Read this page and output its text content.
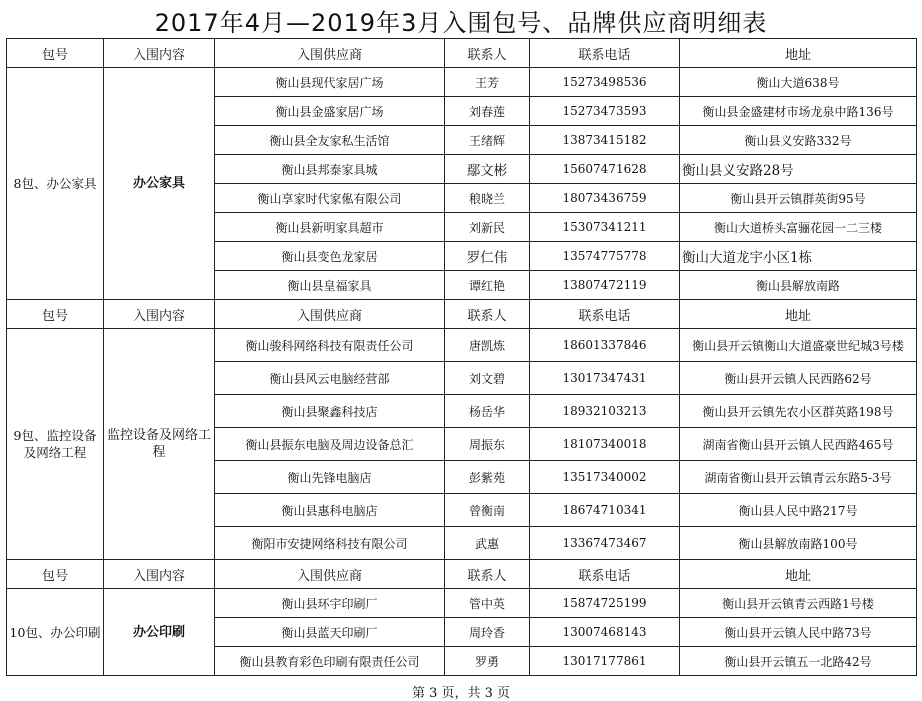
2017年4月—2019年3月入围包号、品牌供应商明细表
包号	入围内容	入围供应商	联系人	联系电话	地址
8包、办公家具	办公家具	衡山县现代家居广场	王芳	15273498536	衡山大道638号
		衡山县金盛家居广场	刘春莲	15273473593	衡山县金盛建材市场龙泉中路136号
		衡山县全友家私生活馆	王绪辉	13873415182	衡山县义安路332号
		衡山县邦泰家具城	鄢文彬	15607471628	衡山县义安路28号
		衡山享家时代家俬有限公司	稂晓兰	18073436759	衡山县开云镇群英街95号
		衡山县新明家具超市	刘新民	15307341211	衡山大道桥头富骊花园一二三楼
		衡山县变色龙家居	罗仁伟	13574775778	衡山大道龙宇小区1栋
		衡山县皇福家具	谭红艳	13807472119	衡山县解放南路
包号	入围内容	入围供应商	联系人	联系电话	地址
9包、监控设备及网络工程	监控设备及网络工程	衡山骏科网络科技有限责任公司	唐凯炼	18601337846	衡山县开云镇衡山大道盛豪世纪城3号楼
		衡山县风云电脑经营部	刘文碧	13017347431	衡山县开云镇人民西路62号
		衡山县聚鑫科技店	杨岳华	18932103213	衡山县开云镇先农小区群英路198号
		衡山县振东电脑及周边设备总汇	周振东	18107340018	湖南省衡山县开云镇人民西路465号
		衡山先锋电脑店	彭紫苑	13517340002	湖南省衡山县开云镇青云东路5-3号
		衡山县惠科电脑店	曾衡南	18674710341	衡山县人民中路217号
		衡阳市安捷网络科技有限公司	武惠	13367473467	衡山县解放南路100号
包号	入围内容	入围供应商	联系人	联系电话	地址
10包、办公印刷	办公印刷	衡山县环宇印刷厂	管中英	15874725199	衡山县开云镇青云西路1号楼
		衡山县蓝天印刷厂	周玲香	13007468143	衡山县开云镇人民中路73号
		衡山县教育彩色印刷有限责任公司	罗勇	13017177861	衡山县开云镇五一北路42号
第 3 页，共 3 页
